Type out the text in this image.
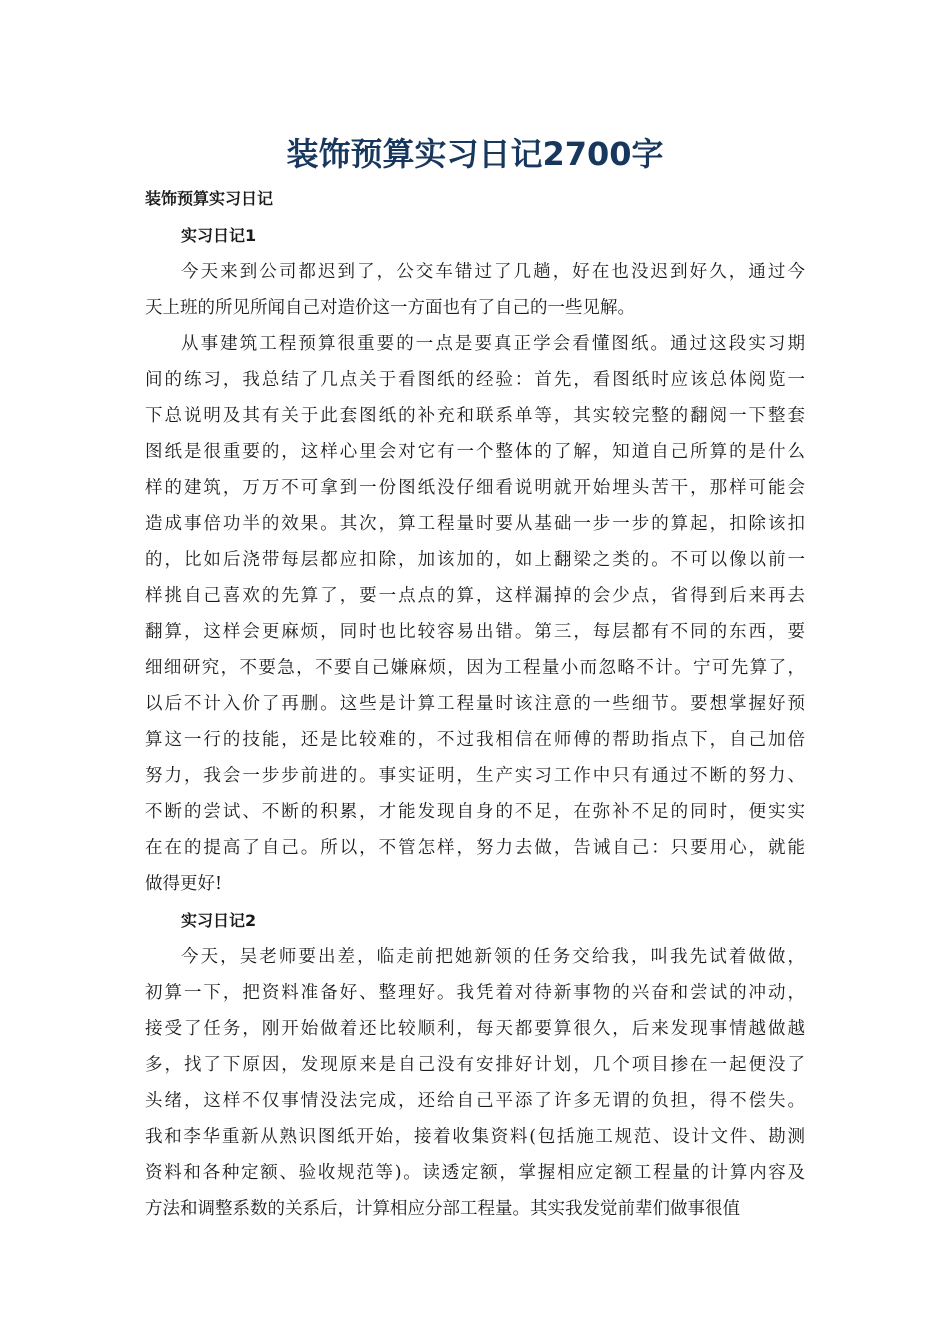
装饰预算实习日记2700字

装饰预算实习日记

实习日记1

今天来到公司都迟到了，公交车错过了几趟，好在也没迟到好久，通过今
天上班的所见所闻自己对造价这一方面也有了自己的一些见解。
从事建筑工程预算很重要的一点是要真正学会看懂图纸。通过这段实习期
间的练习，我总结了几点关于看图纸的经验：首先，看图纸时应该总体阅览一
下总说明及其有关于此套图纸的补充和联系单等，其实较完整的翻阅一下整套
图纸是很重要的，这样心里会对它有一个整体的了解，知道自己所算的是什么
样的建筑，万万不可拿到一份图纸没仔细看说明就开始埋头苦干，那样可能会
造成事倍功半的效果。其次，算工程量时要从基础一步一步的算起，扣除该扣
的，比如后浇带每层都应扣除，加该加的，如上翻梁之类的。不可以像以前一
样挑自己喜欢的先算了，要一点点的算，这样漏掉的会少点，省得到后来再去
翻算，这样会更麻烦，同时也比较容易出错。第三，每层都有不同的东西，要
细细研究，不要急，不要自己嫌麻烦，因为工程量小而忽略不计。宁可先算了，
以后不计入价了再删。这些是计算工程量时该注意的一些细节。要想掌握好预
算这一行的技能，还是比较难的，不过我相信在师傅的帮助指点下，自己加倍
努力，我会一步步前进的。事实证明，生产实习工作中只有通过不断的努力、
不断的尝试、不断的积累，才能发现自身的不足，在弥补不足的同时，便实实
在在的提高了自己。所以，不管怎样，努力去做，告诫自己：只要用心，就能
做得更好!

实习日记2

今天，吴老师要出差，临走前把她新领的任务交给我，叫我先试着做做，
初算一下，把资料准备好、整理好。我凭着对待新事物的兴奋和尝试的冲动，
接受了任务，刚开始做着还比较顺利，每天都要算很久，后来发现事情越做越
多，找了下原因，发现原来是自己没有安排好计划，几个项目掺在一起便没了
头绪，这样不仅事情没法完成，还给自己平添了许多无谓的负担，得不偿失。
我和李华重新从熟识图纸开始，接着收集资料(包括施工规范、设计文件、勘测
资料和各种定额、验收规范等)。读透定额，掌握相应定额工程量的计算内容及
方法和调整系数的关系后，计算相应分部工程量。其实我发觉前辈们做事很值
